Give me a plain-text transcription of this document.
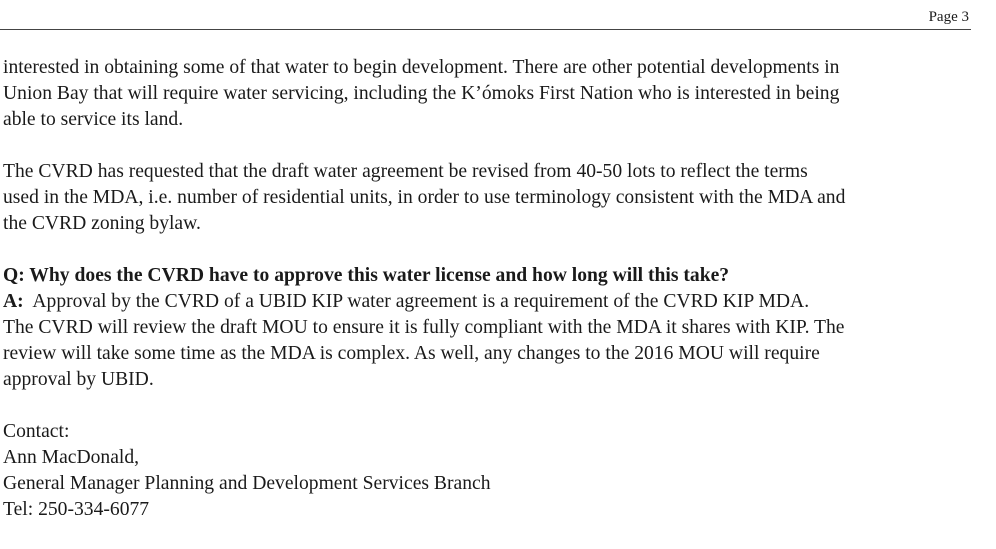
Page 3

interested in obtaining some of that water to begin development. There are other potential developments in
Union Bay that will require water servicing, including the K’ómoks First Nation who is interested in being
able to service its land.

The CVRD has requested that the draft water agreement be revised from 40-50 lots to reflect the terms
used in the MDA, i.e. number of residential units, in order to use terminology consistent with the MDA and
the CVRD zoning bylaw.

Q: Why does the CVRD have to approve this water license and how long will this take?
A:  Approval by the CVRD of a UBID KIP water agreement is a requirement of the CVRD KIP MDA.
The CVRD will review the draft MOU to ensure it is fully compliant with the MDA it shares with KIP. The
review will take some time as the MDA is complex. As well, any changes to the 2016 MOU will require
approval by UBID.
Contact:
Ann MacDonald,
General Manager Planning and Development Services Branch
Tel: 250-334-6077
